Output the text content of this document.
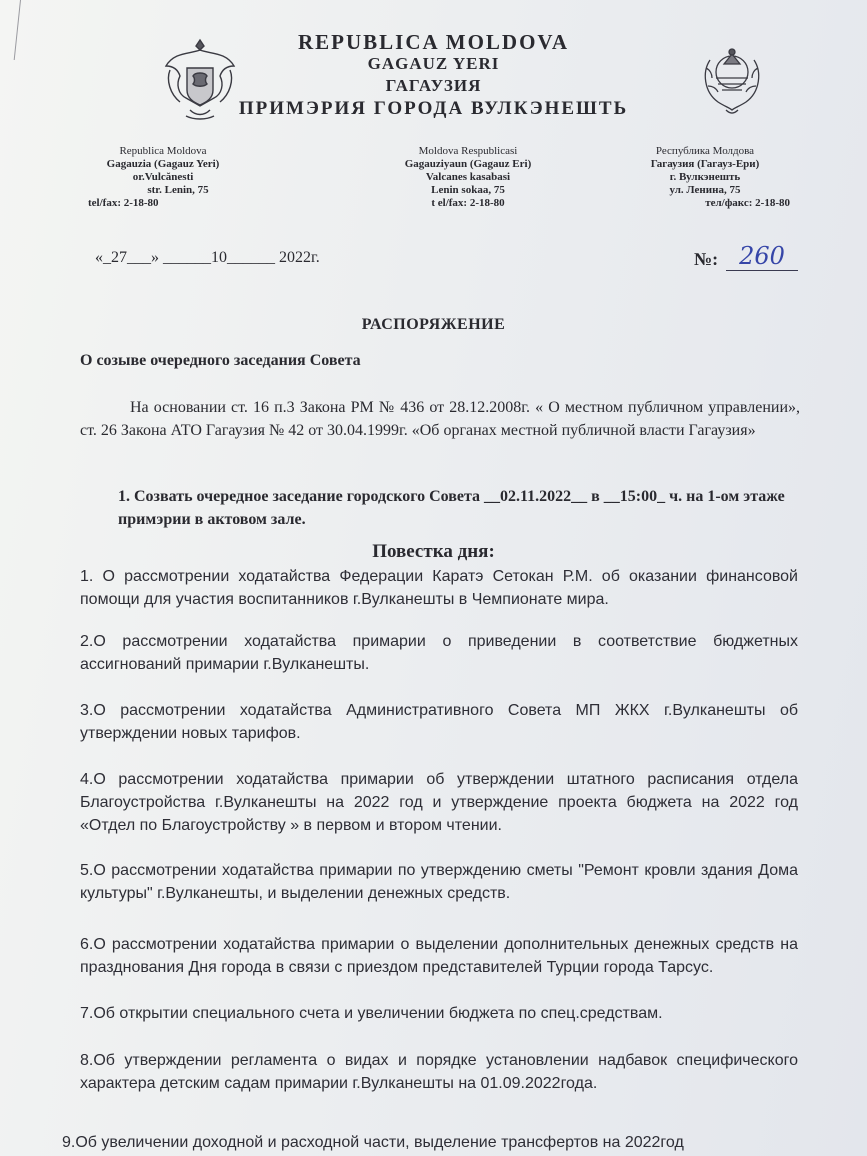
REPUBLICA MOLDOVA
GAGAUZ YERI
ГАГАУЗИЯ
ПРИМЭРИЯ ГОРОДА ВУЛКЭНЕШТЬ
Republica Moldova
Gagauzia (Gagauz Yeri)
or.Vulcănesti
str. Lenin, 75
tel/fax: 2-18-80
Moldova Respublicasi
Gagauziyaun (Gagauz Eri)
Valcanes kasabasi
Lenin sokaa, 75
t el/fax: 2-18-80
Республика Молдова
Гагаузия (Гагауз-Ери)
г. Вулкэнешть
ул. Ленина, 75
тел/факс: 2-18-80
«_27___» ______10______ 2022г.	№: 260
РАСПОРЯЖЕНИЕ
О созыве очередного заседания Совета
На основании ст. 16 п.3 Закона РМ № 436 от 28.12.2008г. « О местном публичном управлении», ст. 26 Закона АТО Гагаузия № 42 от 30.04.1999г. «Об органах местной публичной власти Гагаузия»
1. Созвать очередное заседание городского Совета __02.11.2022__ в __15:00_ ч. на 1-ом этаже примэрии в актовом зале.
Повестка дня:
1. О рассмотрении ходатайства Федерации Каратэ Сетокан Р.М. об оказании финансовой помощи для участия воспитанников г.Вулканешты в Чемпионате мира.
2.О рассмотрении ходатайства примарии о приведении в соответствие бюджетных ассигнований примарии г.Вулканешты.
3.О рассмотрении ходатайства Административного Совета МП ЖКХ г.Вулканешты об утверждении новых тарифов.
4.О рассмотрении ходатайства примарии об утверждении штатного расписания отдела Благоустройства г.Вулканешты на 2022 год и утверждение проекта бюджета на 2022 год «Отдел по Благоустройству » в первом и втором чтении.
5.О рассмотрении ходатайства примарии по утверждению сметы "Ремонт кровли здания Дома культуры" г.Вулканешты, и выделении денежных средств.
6.О рассмотрении ходатайства примарии о выделении дополнительных денежных средств на празднования Дня города в связи с приездом представителей Турции города Тарсус.
7.Об открытии специального счета и увеличении бюджета по спец.средствам.
8.Об утверждении регламента о видах и порядке установлении надбавок специфического характера детским садам примарии г.Вулканешты на 01.09.2022года.
9.Об увеличении доходной и расходной части, выделение трансфертов на 2022год
